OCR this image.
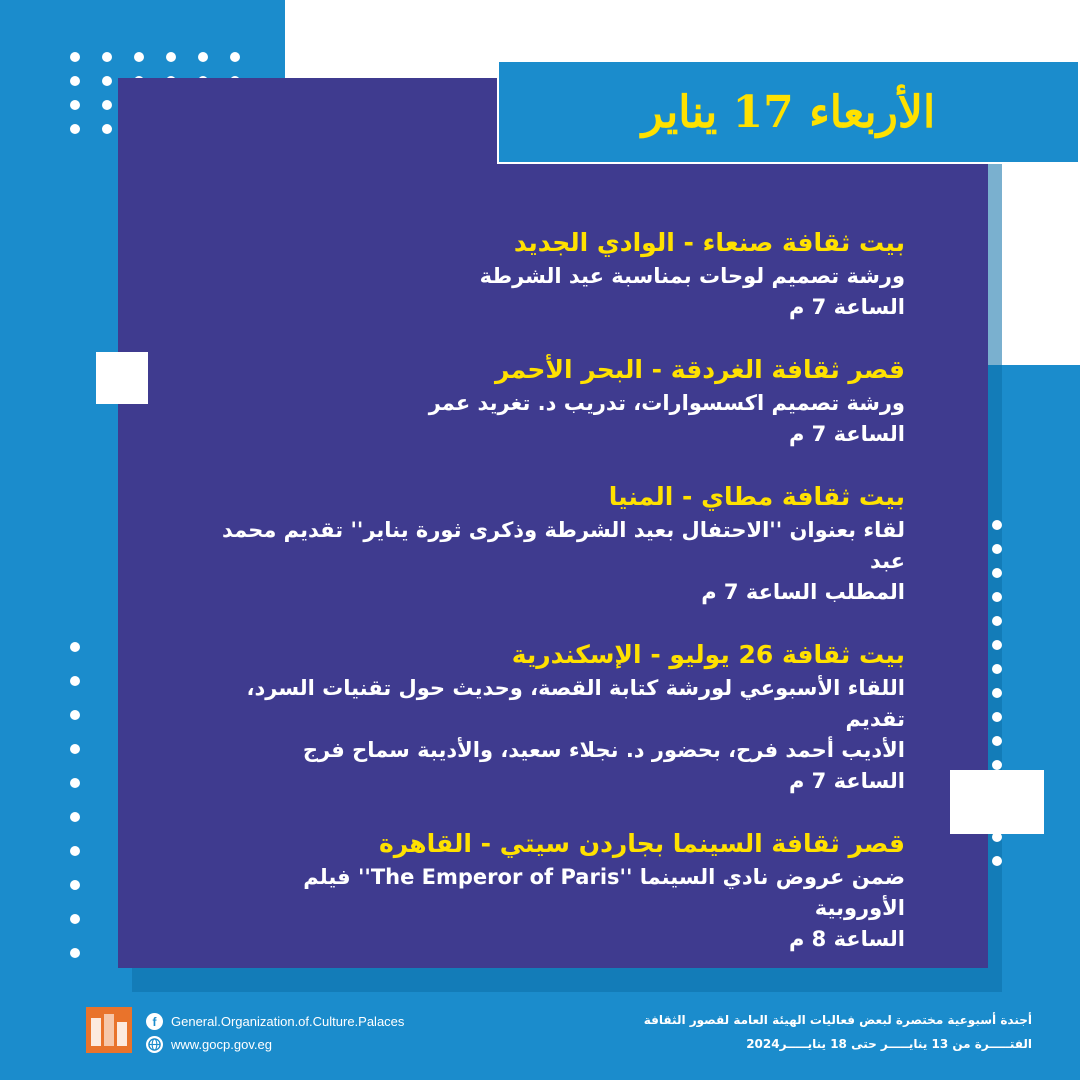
الأربعاء 17 يناير
بيت ثقافة صنعاء - الوادي الجديد
ورشة تصميم لوحات بمناسبة عيد الشرطة
الساعة 7 م
قصر ثقافة الغردقة - البحر الأحمر
ورشة تصميم اكسسوارات، تدريب د. تغريد عمر
الساعة 7 م
بيت ثقافة مطاي - المنيا
لقاء بعنوان ''الاحتفال بعيد الشرطة وذكرى ثورة يناير'' تقديم محمد عبد
المطلب الساعة 7 م
بيت ثقافة 26 يوليو - الإسكندرية
اللقاء الأسبوعي لورشة كتابة القصة، وحديث حول تقنيات السرد، تقديم
الأديب أحمد فرح، بحضور د. نجلاء سعيد، والأديبة سماح فرج
الساعة 7 م
قصر ثقافة السينما بجاردن سيتي - القاهرة
ضمن عروض نادي السينما ''The Emperor of Paris'' فيلم
الأوروبية
الساعة 8 م
f	General.Organization.of.Culture.Palaces
www.gocp.gov.eg
أجندة أسبوعية مختصرة لبعض فعاليات الهيئة العامة لقصور الثقافة
الفتـــــرة من 13 ينايـــــر حتى 18 ينايـــــر2024
